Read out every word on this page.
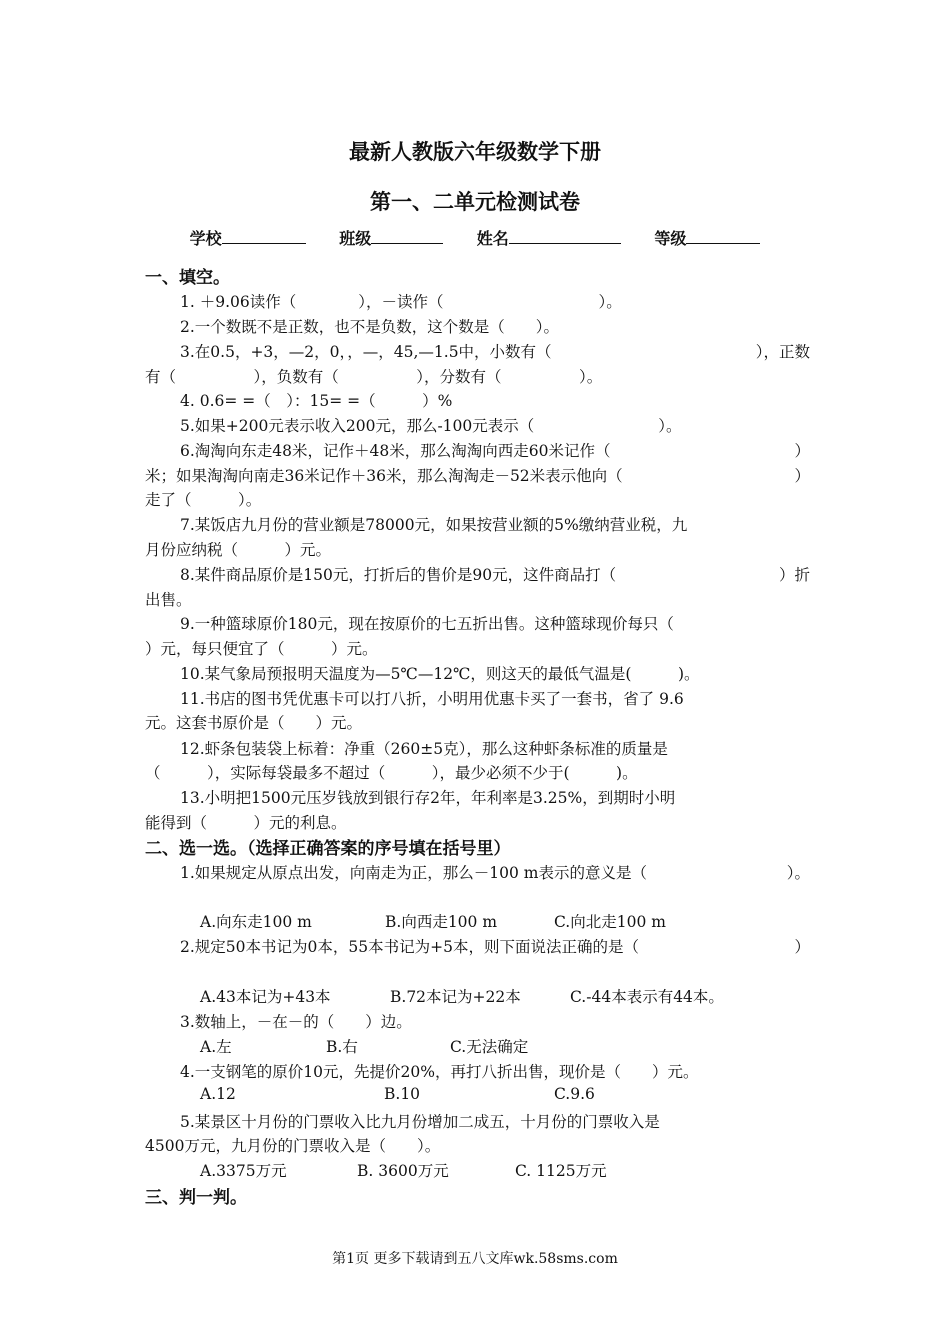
最新人教版六年级数学下册
第一、二单元检测试卷
学校	班级	姓名	等级
一、填空。
1. ＋9.06读作（　　　　），－读作（　　　　　　　　　　）。
2.一个数既不是正数，也不是负数，这个数是（　　）。
3.在0.5，+3，—2，0，，—，45,—1.5中，小数有（	），正数
有（　　　　　），负数有（　　　　　），分数有（　　　　　）。
4. 0.6= =（　）：15= =（　　　）%
5.如果+200元表示收入200元，那么-100元表示（　　　　　　　　）。
6.淘淘向东走48米，记作＋48米，那么淘淘向西走60米记作（	）
米；如果淘淘向南走36米记作＋36米，那么淘淘走－52米表示他向（	）
走了（　　　）。
7.某饭店九月份的营业额是78000元，如果按营业额的5%缴纳营业税，九
月份应纳税（　　　）元。
8.某件商品原价是150元，打折后的售价是90元，这件商品打（	）折
出售。
9.一种篮球原价180元，现在按原价的七五折出售。这种篮球现价每只（
）元，每只便宜了（　　　）元。
10.某气象局预报明天温度为—5℃—12℃，则这天的最低气温是(　　　)。
11.书店的图书凭优惠卡可以打八折，小明用优惠卡买了一套书，省了 9.6
元。这套书原价是（　　）元。
12.虾条包装袋上标着：净重（260±5克），那么这种虾条标准的质量是
（　　　），实际每袋最多不超过（　　　），最少必须不少于(　　　)。
13.小明把1500元压岁钱放到银行存2年，年利率是3.25%，到期时小明
能得到（　　　）元的利息。
二、选一选。（选择正确答案的序号填在括号里）
1.如果规定从原点出发，向南走为正，那么－100 m表示的意义是（	）。
A.向东走100 m	B.向西走100 m	C.向北走100 m
2.规定50本书记为0本，55本书记为+5本，则下面说法正确的是（	）
A.43本记为+43本	B.72本记为+22本	C.-44本表示有44本。
3.数轴上，－在－的（　　）边。
A.左	B.右	C.无法确定
4.一支钢笔的原价10元，先提价20%，再打八折出售，现价是（　　）元。
A.12	B.10	C.9.6
5.某景区十月份的门票收入比九月份增加二成五，十月份的门票收入是
4500万元，九月份的门票收入是（　　）。
A.3375万元	B. 3600万元	C. 1125万元
三、判一判。
第1页 更多下载请到五八文库wk.58sms.com
